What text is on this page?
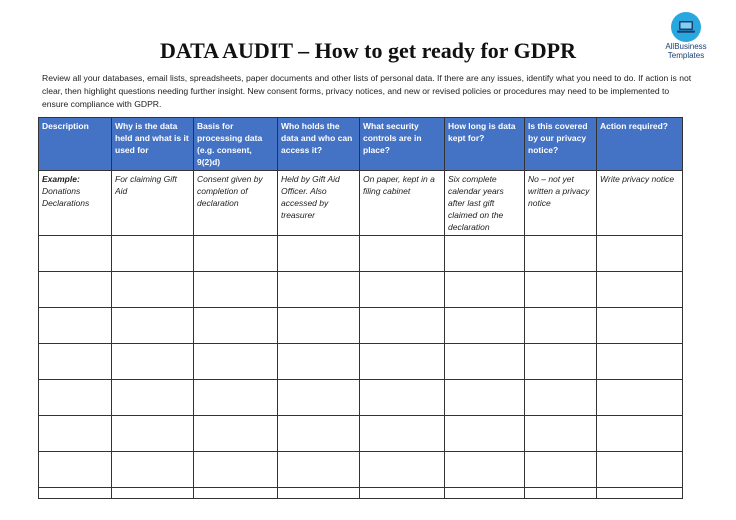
DATA AUDIT – How to get ready for GDPR	AllBusiness
Templates

Review all your databases, email lists, spreadsheets, paper documents and other lists of personal data. If there are any issues, identify what you need to do. If action is not clear, then highlight questions needing further insight. New consent forms, privacy notices, and new or revised policies or procedures may need to be implemented to ensure compliance with GDPR.

Description	Why is the data held and what is it used for	Basis for processing data (e.g. consent, 9(2)d)	Who holds the data and who can access it?	What security controls are in place?	How long is data kept for?	Is this covered by our privacy notice?	Action required?
Example:
Donations Declarations	For claiming Gift Aid	Consent given by completion of declaration	Held by Gift Aid Officer. Also accessed by treasurer	On paper, kept in a filing cabinet	Six complete calendar years after last gift claimed on the declaration	No – not yet written a privacy notice	Write privacy notice
